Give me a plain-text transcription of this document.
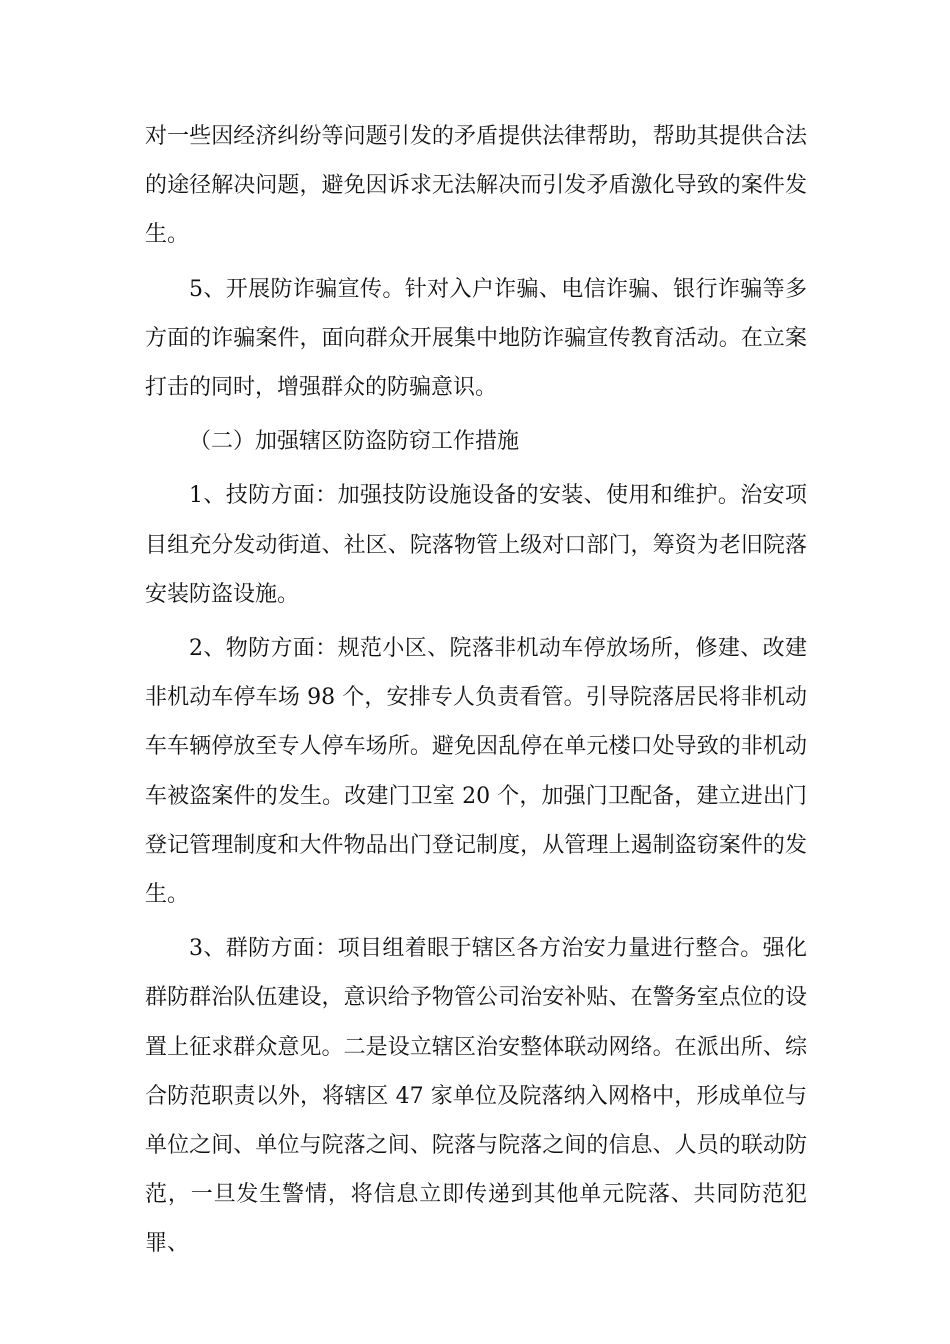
对一些因经济纠纷等问题引发的矛盾提供法律帮助，帮助其提供合法的途径解决问题，避免因诉求无法解决而引发矛盾激化导致的案件发生。

5、开展防诈骗宣传。针对入户诈骗、电信诈骗、银行诈骗等多方面的诈骗案件，面向群众开展集中地防诈骗宣传教育活动。在立案打击的同时，增强群众的防骗意识。

（二）加强辖区防盗防窃工作措施

1、技防方面：加强技防设施设备的安装、使用和维护。治安项目组充分发动街道、社区、院落物管上级对口部门，筹资为老旧院落安装防盗设施。

2、物防方面：规范小区、院落非机动车停放场所，修建、改建非机动车停车场 98 个，安排专人负责看管。引导院落居民将非机动车车辆停放至专人停车场所。避免因乱停在单元楼口处导致的非机动车被盗案件的发生。改建门卫室 20 个，加强门卫配备，建立进出门登记管理制度和大件物品出门登记制度，从管理上遏制盗窃案件的发生。

3、群防方面：项目组着眼于辖区各方治安力量进行整合。强化群防群治队伍建设，意识给予物管公司治安补贴、在警务室点位的设置上征求群众意见。二是设立辖区治安整体联动网络。在派出所、综合防范职责以外，将辖区 47 家单位及院落纳入网格中，形成单位与单位之间、单位与院落之间、院落与院落之间的信息、人员的联动防范，一旦发生警情，将信息立即传递到其他单元院落、共同防范犯罪、
